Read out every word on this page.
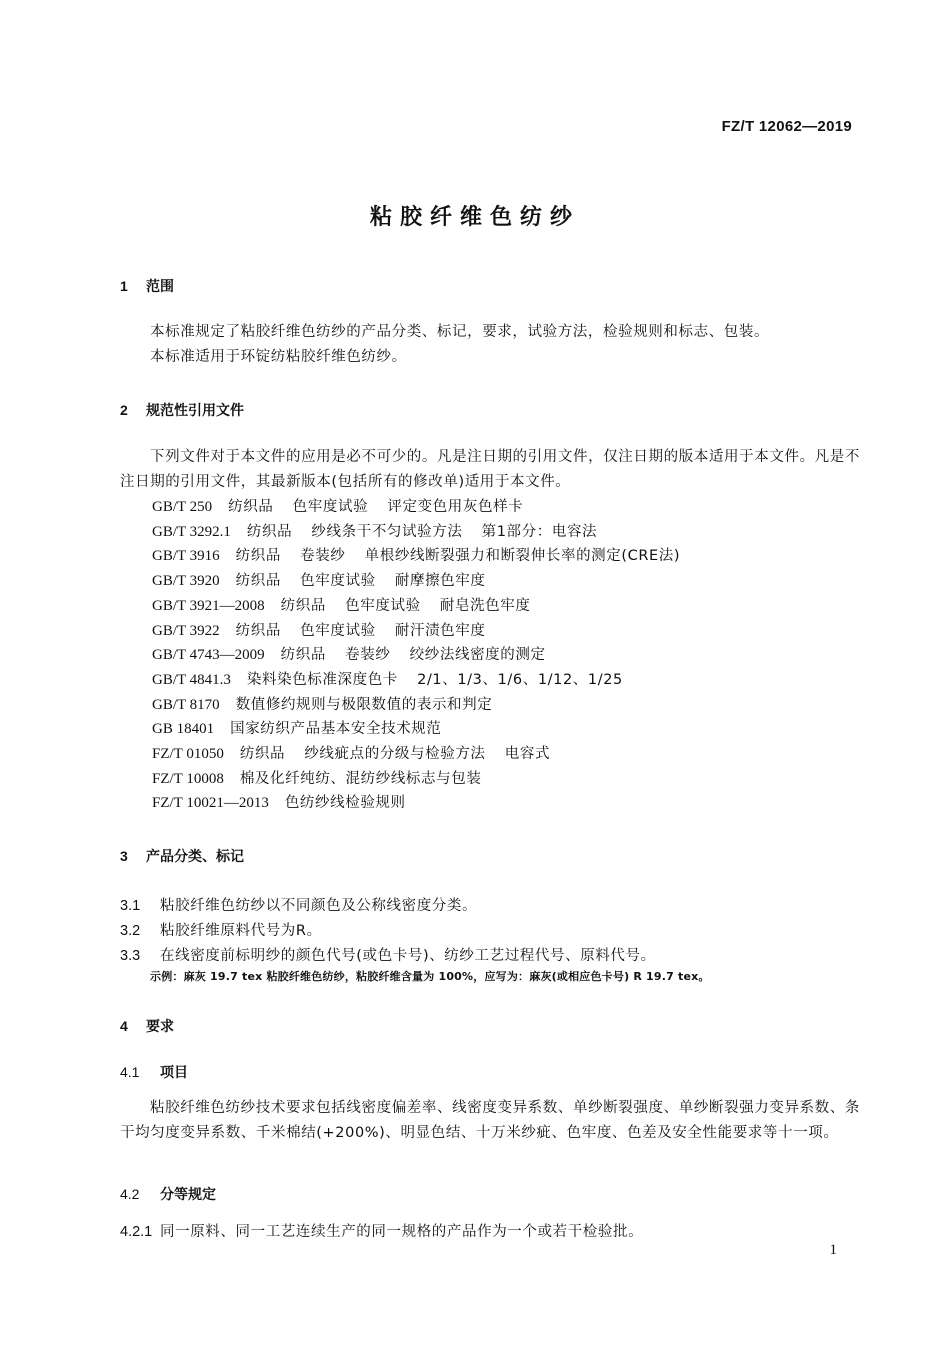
FZ/T 12062—2019
粘胶纤维色纺纱
1 范围
本标准规定了粘胶纤维色纺纱的产品分类、标记，要求，试验方法，检验规则和标志、包装。
本标准适用于环锭纺粘胶纤维色纺纱。
2 规范性引用文件
下列文件对于本文件的应用是必不可少的。凡是注日期的引用文件，仅注日期的版本适用于本文件。凡是不注日期的引用文件，其最新版本(包括所有的修改单)适用于本文件。
GB/T 250 纺织品 色牢度试验 评定变色用灰色样卡
GB/T 3292.1 纺织品 纱线条干不匀试验方法 第1部分：电容法
GB/T 3916 纺织品 卷装纱 单根纱线断裂强力和断裂伸长率的测定(CRE法)
GB/T 3920 纺织品 色牢度试验 耐摩擦色牢度
GB/T 3921—2008 纺织品 色牢度试验 耐皂洗色牢度
GB/T 3922 纺织品 色牢度试验 耐汗渍色牢度
GB/T 4743—2009 纺织品 卷装纱 绞纱法线密度的测定
GB/T 4841.3 染料染色标准深度色卡 2/1、1/3、1/6、1/12、1/25
GB/T 8170 数值修约规则与极限数值的表示和判定
GB 18401 国家纺织产品基本安全技术规范
FZ/T 01050 纺织品 纱线疵点的分级与检验方法 电容式
FZ/T 10008 棉及化纤纯纺、混纺纱线标志与包装
FZ/T 10021—2013 色纺纱线检验规则
3 产品分类、标记
3.1 粘胶纤维色纺纱以不同颜色及公称线密度分类。
3.2 粘胶纤维原料代号为R。
3.3 在线密度前标明纱的颜色代号(或色卡号)、纺纱工艺过程代号、原料代号。
示例：麻灰 19.7 tex 粘胶纤维色纺纱，粘胶纤维含量为 100%，应写为：麻灰(或相应色卡号) R 19.7 tex。
4 要求
4.1 项目
粘胶纤维色纺纱技术要求包括线密度偏差率、线密度变异系数、单纱断裂强度、单纱断裂强力变异系数、条干均匀度变异系数、千米棉结(+200%)、明显色结、十万米纱疵、色牢度、色差及安全性能要求等十一项。
4.2 分等规定
4.2.1 同一原料、同一工艺连续生产的同一规格的产品作为一个或若干检验批。
1
